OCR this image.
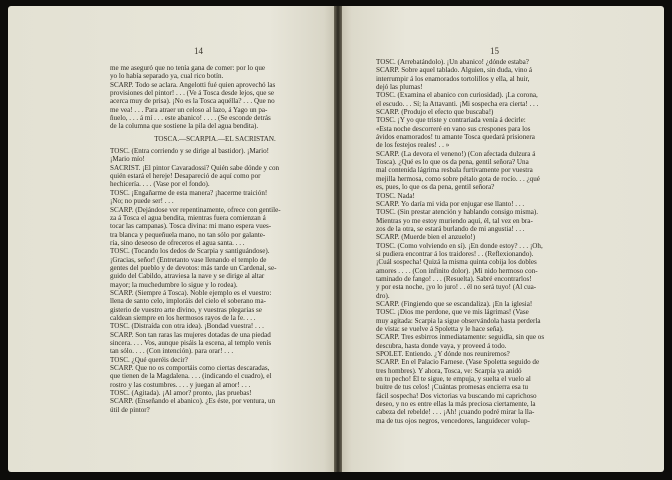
14
me me aseguró que no tenía gana de comer: por lo que
yo lo había separado ya, cual rico botín.
SCARP. Todo se aclara. Angelotti fué quien aprovechó las
provisiones del pintor! . . . (Ve á Tosca desde lejos, que se
acerca muy de prisa). ¡No es la Tosca aquélla? . . . Que no
me vea! . . . Para atraer un celoso al lazo, á Yago un pa-
ñuelo, . . . á mí . . . este abanico! . . . . (Se esconde detrás
de la columna que sostiene la pila del agua bendita).
TOSCA.—SCARPIA.—EL SACRISTAN.
TOSC. (Entra corriendo y se dirige al bastidor). ¡Mario!
¡Mario mío!
SACRIST. ¡El pintor Cavaradossi? Quién sabe dónde y con
quién estará el hereje! Desapareció de aquí como por
hechicería. . . . (Vase por el fondo).
TOSC. ¡Engañarme de esta manera? ¡hacerme traición!
¡No; no puede ser! . . .
SCARP. (Dejándose ver repentinamente, ofrece con gentile-
za á Tosca el agua bendita, mientras fuera comienzan á
tocar las campanas). Tosca divina: mi mano espera vues-
tra blanca y pequeñuela mano, no tan sólo por galante-
ría, sino deseoso de ofreceros el agua santa. . . .
TOSC. (Tocando los dedos de Scarpia y santiguándose).
¡Gracias, señor! (Entretanto vase llenando el templo de
gentes del pueblo y de devotos: más tarde un Cardenal, se-
guido del Cabildo, atraviesa la nave y se dirige al altar
mayor; la muchedumbre lo sigue y lo rodea).
SCARP. (Siempre á Tosca). Noble ejemplo es el vuestro:
llena de santo celo, imploráis del cielo el soberano ma-
gisterio de vuestro arte divino, y vuestras plegarias se
caldean siempre en los hermosos rayos de la fe. . . .
TOSC. (Distraída con otra idea). ¡Bondad vuestra! . . .
SCARP. Son tan raras las mujeres dotadas de una piedad
sincera. . . . Vos, aunque pisáis la escena, al templo venís
tan sólo. . . . (Con intención). para orar! . . .
TOSC. ¿Qué queréis decir?
SCARP. Que no os comportáis como ciertas descaradas,
que tienen de la Magdalena. . . . (indicando el cuadro), el
rostro y las costumbres. . . . y juegan al amor! . . .
TOSC. (Agitada). ¡Al amor? pronto, ¡las pruebas!
SCARP. (Enseñando el abanico). ¿Es éste, por ventura, un
útil de pintor?
15
TOSC. (Arrebatándolo). ¡Un abanico! ¿dónde estaba?
SCARP. Sobre aquel tablado. Alguien, sin duda, vino á
interrumpir á los enamorados tortolillos y ella, al huir,
dejó las plumas!
TOSC. (Examina el abanico con curiosidad). ¡La corona,
el escudo. . . Sí; la Attavanti. ¡Mi sospecha era cierta! . . .
SCARP. (Produjo el efecto que buscaba!)
TOSC. ¡Y yo que triste y contrariada venía á decirle:
«Esta noche descorreré en vano sus crespones para los
ávidos enamorados! tu amante Tosca quedará prisionera
de los festejos reales! . . »
SCARP. (La devora el veneno!) (Con afectada dulzura á
Tosca). ¿Qué es lo que os da pena, gentil señora? Una
mal contenida lágrima resbala furtivamente por vuestra
mejilla hermosa, como sobre pétalo gota de rocío. . . ¿qué
es, pues, lo que os da pena, gentil señora?
TOSC. Nada!
SCARP. Yo daría mi vida por enjugar ese llanto! . . .
TOSC. (Sin prestar atención y hablando consigo misma).
Mientras yo me estoy muriendo aquí, él, tal vez en bra-
zos de la otra, se estará burlando de mi angustia! . . .
SCARP. (Muerde bien el anzuelo!)
TOSC. (Como volviendo en sí). ¡En donde estoy? . . . ¡Oh,
si pudiera encontrar á los traidores! . . (Reflexionando).
¡Cuál sospecha! Quizá la misma quinta cobija los dobles
amores . . . . (Con infinito dolor). ¡Mi nido hermoso con-
taminado de fango! . . . (Resuelta). Sabré encontrarlos!
y por esta noche, ¡yo lo juro! . . él no será tuyo! (Al cua-
dro).
SCARP. (Fingiendo que se escandaliza). ¡En la iglesia!
TOSC. ¡Dios me perdone, que ve mis lágrimas! (Vase
muy agitada: Scarpia la sigue observándola hasta perderla
de vista: se vuelve á Spoletta y le hace seña).
SCARP. Tres esbirros inmediatamente: seguidla, sin que os
descubra, hasta donde vaya, y proveed á todo.
SPOLET. Entiendo. ¿Y dónde nos reuniremos?
SCARP. En el Palacio Farnese. (Vase Spoletta seguido de
tres hombres). Y ahora, Tosca, ve: Scarpia ya anidó
en tu pecho! Él te sigue, te empuja, y suelta el vuelo al
buitre de tus celos! ¡Cuántas promesas encierra esa tu
fácil sospecha! Dos victorias va buscando mi caprichoso
deseo, y no es entre ellas la más preciosa ciertamente, la
cabeza del rebelde! . . . ¡Ah! ¡cuando podré mirar la lla-
ma de tus ojos negros, vencedores, languidecer volup-
